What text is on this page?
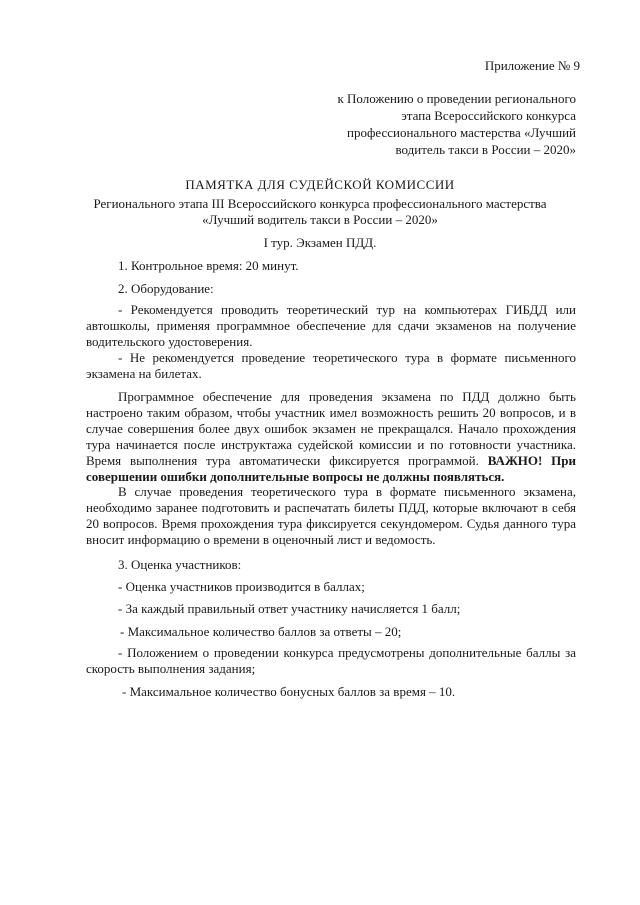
Приложение № 9
к Положению о проведении регионального
этапа Всероссийского конкурса
профессионального мастерства «Лучший
водитель такси в России – 2020»
ПАМЯТКА ДЛЯ СУДЕЙСКОЙ КОМИССИИ
Регионального этапа III Всероссийского конкурса профессионального мастерства
«Лучший водитель такси в России – 2020»
I тур. Экзамен ПДД.
1. Контрольное время: 20 минут.
2. Оборудование:
- Рекомендуется проводить теоретический тур на компьютерах ГИБДД или
автошколы, применяя программное обеспечение для сдачи экзаменов на получение
водительского удостоверения.
- Не рекомендуется проведение теоретического тура в формате письменного
экзамена на билетах.
Программное обеспечение для проведения экзамена по ПДД должно быть
настроено таким образом, чтобы участник имел возможность решить 20 вопросов, и в
случае совершения более двух ошибок экзамен не прекращался. Начало прохождения
тура начинается после инструктажа судейской комиссии и по готовности участника.
Время выполнения тура автоматически фиксируется программой. ВАЖНО! При
совершении ошибки дополнительные вопросы не должны появляться.
В случае проведения теоретического тура в формате письменного экзамена,
необходимо заранее подготовить и распечатать билеты ПДД, которые включают в себя
20 вопросов. Время прохождения тура фиксируется секундомером. Судья данного тура
вносит информацию о времени в оценочный лист и ведомость.
3. Оценка участников:
- Оценка участников производится в баллах;
- За каждый правильный ответ участнику начисляется 1 балл;
- Максимальное количество баллов за ответы – 20;
- Положением о проведении конкурса предусмотрены дополнительные баллы за
скорость выполнения задания;
- Максимальное количество бонусных баллов за время – 10.
